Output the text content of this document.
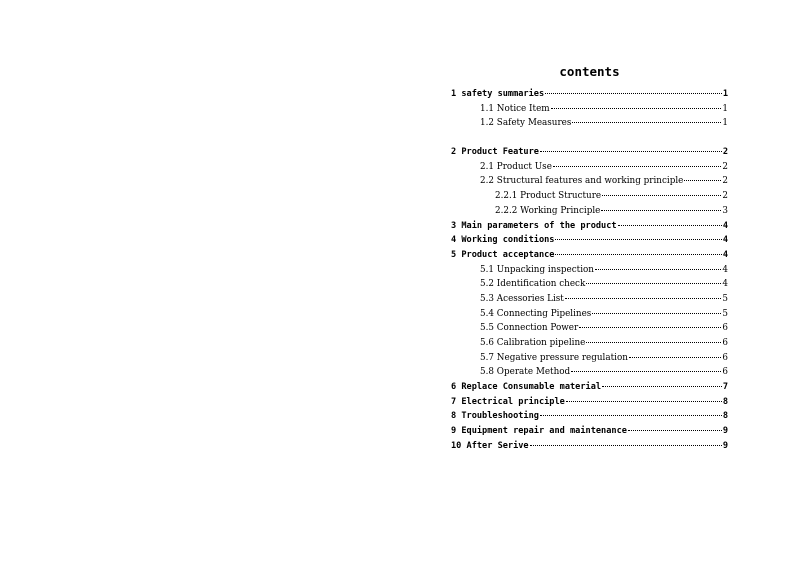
contents
1 safety summaries	1
1.1 Notice Item	1
1.2 Safety Measures	1
2 Product Feature	2
2.1 Product Use	2
2.2 Structural features and working principle	2
2.2.1 Product Structure	2
2.2.2 Working Principle	3
3 Main parameters of the product	4
4 Working conditions	4
5 Product acceptance	4
5.1 Unpacking inspection	4
5.2 Identification check	4
5.3 Acessories List	5
5.4 Connecting Pipelines	5
5.5 Connection Power	6
5.6 Calibration pipeline	6
5.7 Negative pressure regulation	6
5.8 Operate Method	6
6 Replace Consumable material	7
7 Electrical principle	8
8 Troubleshooting	8
9 Equipment repair and maintenance	9
10 After Serive	9
